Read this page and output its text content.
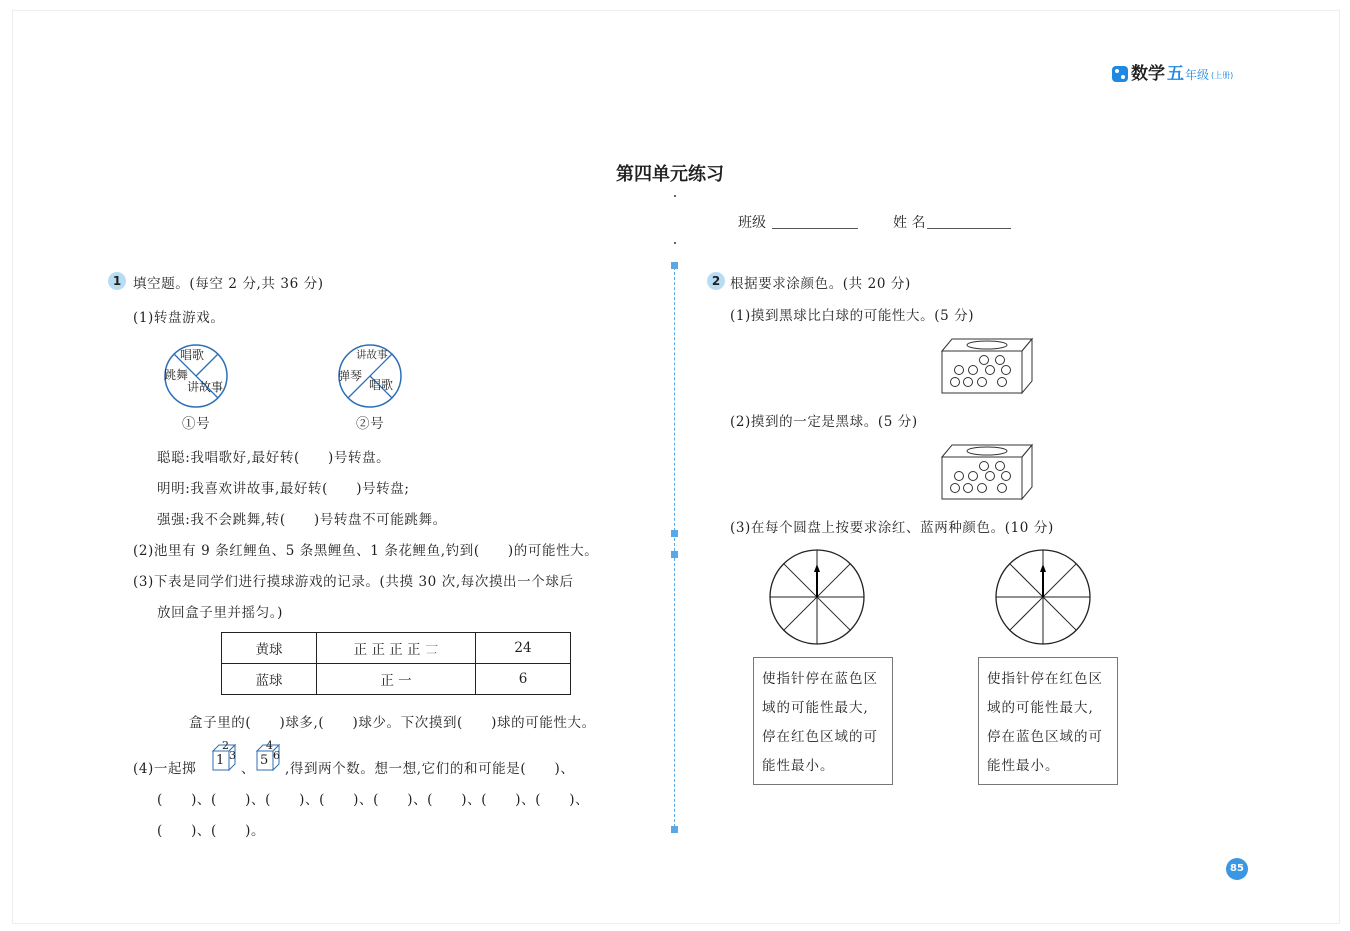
数学 五 年级 (上册)
第四单元练习
班级	姓 名
1 填空题。(每空 2 分,共 36 分)
(1)转盘游戏。
唱歌
跳舞
讲故事
①号
讲故事
弹琴
唱歌
②号
聪聪:我唱歌好,最好转(　　)号转盘。
明明:我喜欢讲故事,最好转(　　)号转盘;
强强:我不会跳舞,转(　　)号转盘不可能跳舞。
(2)池里有 9 条红鲤鱼、5 条黑鲤鱼、1 条花鲤鱼,钓到(　　)的可能性大。
(3)下表是同学们进行摸球游戏的记录。(共摸 30 次,每次摸出一个球后
放回盒子里并摇匀。)
黄球	正 正 正 正 𠄟	24
蓝球	正 一	6
盒子里的(　　)球多,(　　)球少。下次摸到(　　)球的可能性大。
(4)一起掷
1
2
3
、
5
4
6
,得到两个数。想一想,它们的和可能是(　　)、
(　　)、(　　)、(　　)、(　　)、(　　)、(　　)、(　　)、(　　)、
(　　)、(　　)。
2 根据要求涂颜色。(共 20 分)
(1)摸到黑球比白球的可能性大。(5 分)
(2)摸到的一定是黑球。(5 分)
(3)在每个圆盘上按要求涂红、蓝两种颜色。(10 分)
使指针停在蓝色区
域的可能性最大,
停在红色区域的可
能性最小。
使指针停在红色区
域的可能性最大,
停在蓝色区域的可
能性最小。
85
